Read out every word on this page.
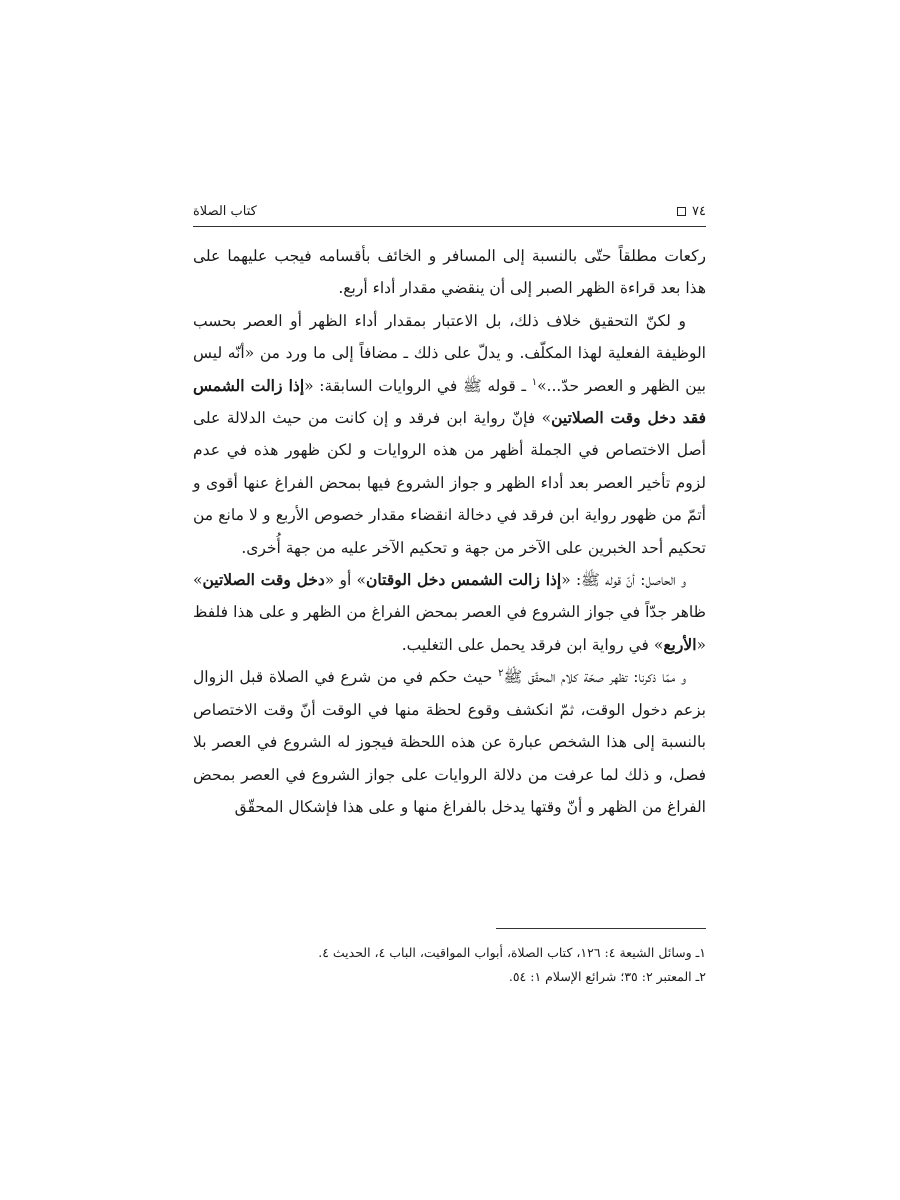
٧٤
كتاب الصلاة

ركعات مطلقاً حتّى بالنسبة إلى المسافر و الخائف بأقسامه فيجب عليهما على هذا بعد قراءة الظهر الصبر إلى أن ينقضي مقدار أداء أربع.

و لكنّ التحقيق خلاف ذلك، بل الاعتبار بمقدار أداء الظهر أو العصر بحسب الوظيفة الفعلية لهذا المكلّف. و يدلّ على ذلك ـ مضافاً إلى ما ورد من «أنّه ليس بين الظهر و العصر حدّ...»$^١$ ـ قوله ﷺ في الروايات السابقة: «إذا زالت الشمس فقد دخل وقت الصلاتين» فإنّ رواية ابن فرقد و إن كانت من حيث الدلالة على أصل الاختصاص في الجملة أظهر من هذه الروايات و لكن ظهور هذه في عدم لزوم تأخير العصر بعد أداء الظهر و جواز الشروع فيها بمحض الفراغ عنها أقوى و أتمّ من ظهور رواية ابن فرقد في دخالة انقضاء مقدار خصوص الأربع و لا مانع من تحكيم أحد الخبرين على الآخر من جهة و تحكيم الآخر عليه من جهة أُخرى.

و الحاصل: أنّ قوله ﷺ: «إذا زالت الشمس دخل الوقتان» أو «دخل وقت الصلاتين» ظاهر جدّاً في جواز الشروع في العصر بمحض الفراغ من الظهر و على هذا فلفظ «الأربع» في رواية ابن فرقد يحمل على التغليب.

و ممّا ذكرنا: تظهر صحّة كلام المحقّق ﷺ$^٢$ حيث حكم في من شرع في الصلاة قبل الزوال بزعم دخول الوقت، ثمّ انكشف وقوع لحظة منها في الوقت أنّ وقت الاختصاص بالنسبة إلى هذا الشخص عبارة عن هذه اللحظة فيجوز له الشروع في العصر بلا فصل، و ذلك لما عرفت من دلالة الروايات على جواز الشروع في العصر بمحض الفراغ من الظهر و أنّ وقتها يدخل بالفراغ منها و على هذا فإشكال المحقّق

١ـ وسائل الشيعة ٤: ١٢٦، كتاب الصلاة، أبواب المواقيت، الباب ٤، الحديث ٤.

٢ـ المعتبر ٢: ٣٥؛ شرائع الإسلام ١: ٥٤.
